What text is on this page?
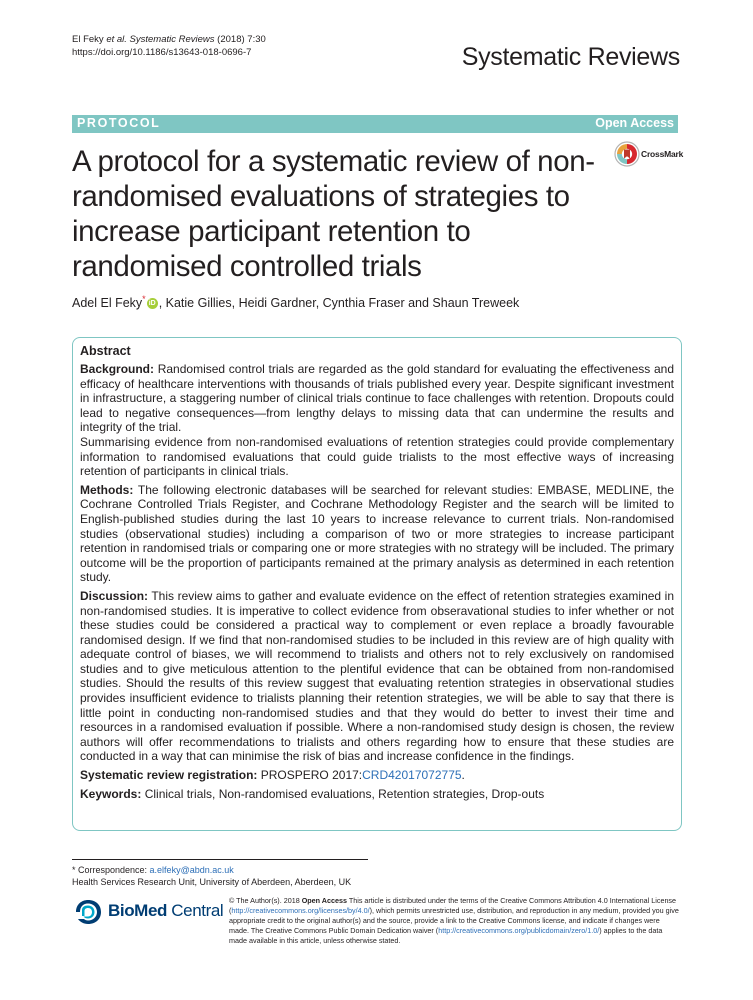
El Feky et al. Systematic Reviews (2018) 7:30
https://doi.org/10.1186/s13643-018-0696-7	Systematic Reviews
PROTOCOL	Open Access
A protocol for a systematic review of non-randomised evaluations of strategies to increase participant retention to randomised controlled trials
CrossMark
Adel El Feky* iD , Katie Gillies, Heidi Gardner, Cynthia Fraser and Shaun Treweek
Abstract

Background: Randomised control trials are regarded as the gold standard for evaluating the effectiveness and efficacy of healthcare interventions with thousands of trials published every year. Despite significant investment in infrastructure, a staggering number of clinical trials continue to face challenges with retention. Dropouts could lead to negative consequences—from lengthy delays to missing data that can undermine the results and integrity of the trial.

Summarising evidence from non-randomised evaluations of retention strategies could provide complementary information to randomised evaluations that could guide trialists to the most effective ways of increasing retention of participants in clinical trials.

Methods: The following electronic databases will be searched for relevant studies: EMBASE, MEDLINE, the Cochrane Controlled Trials Register, and Cochrane Methodology Register and the search will be limited to English-published studies during the last 10 years to increase relevance to current trials. Non-randomised studies (observational studies) including a comparison of two or more strategies to increase participant retention in randomised trials or comparing one or more strategies with no strategy will be included. The primary outcome will be the proportion of participants remained at the primary analysis as determined in each retention study.

Discussion: This review aims to gather and evaluate evidence on the effect of retention strategies examined in non-randomised studies. It is imperative to collect evidence from obseravational studies to infer whether or not these studies could be considered a practical way to complement or even replace a broadly favourable randomised design. If we find that non-randomised studies to be included in this review are of high quality with adequate control of biases, we will recommend to trialists and others not to rely exclusively on randomised studies and to give meticulous attention to the plentiful evidence that can be obtained from non-randomised studies. Should the results of this review suggest that evaluating retention strategies in observational studies provides insufficient evidence to trialists planning their retention strategies, we will be able to say that there is little point in conducting non-randomised studies and that they would do better to invest their time and resources in a randomised evaluation if possible. Where a non-randomised study design is chosen, the review authors will offer recommendations to trialists and others regarding how to ensure that these studies are conducted in a way that can minimise the risk of bias and increase confidence in the findings.

Systematic review registration: PROSPERO 2017:CRD42017072775.

Keywords: Clinical trials, Non-randomised evaluations, Retention strategies, Drop-outs

* Correspondence: a.elfeky@abdn.ac.uk
Health Services Research Unit, University of Aberdeen, Aberdeen, UK
BioMed Central

© The Author(s). 2018 Open Access This article is distributed under the terms of the Creative Commons Attribution 4.0 International License (http://creativecommons.org/licenses/by/4.0/), which permits unrestricted use, distribution, and reproduction in any medium, provided you give appropriate credit to the original author(s) and the source, provide a link to the Creative Commons license, and indicate if changes were made. The Creative Commons Public Domain Dedication waiver (http://creativecommons.org/publicdomain/zero/1.0/) applies to the data made available in this article, unless otherwise stated.
